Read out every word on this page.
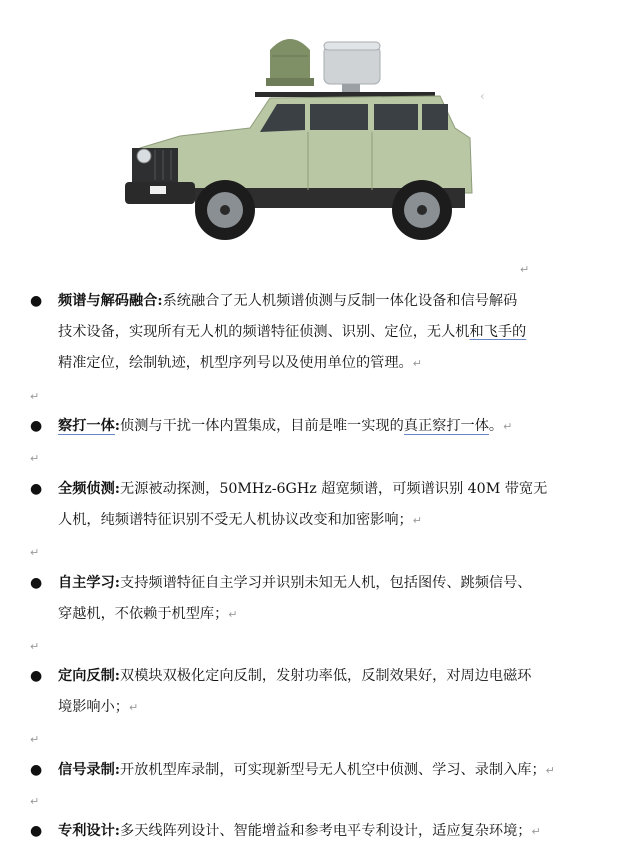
‹
↵
● 频谱与解码融合:系统融合了无人机频谱侦测与反制一体化设备和信号解码
技术设备，实现所有无人机的频谱特征侦测、识别、定位，无人机和飞手的
精准定位，绘制轨迹，机型序列号以及使用单位的管理。↵
↵
● 察打一体:侦测与干扰一体内置集成，目前是唯一实现的真正察打一体。↵
↵
● 全频侦测:无源被动探测，50MHz-6GHz 超宽频谱，可频谱识别 40M 带宽无
人机，纯频谱特征识别不受无人机协议改变和加密影响；↵
↵
● 自主学习:支持频谱特征自主学习并识别未知无人机，包括图传、跳频信号、
穿越机，不依赖于机型库；↵
↵
● 定向反制:双模块双极化定向反制，发射功率低，反制效果好，对周边电磁环
境影响小；↵
↵
● 信号录制:开放机型库录制，可实现新型号无人机空中侦测、学习、录制入库；↵
↵
● 专利设计:多天线阵列设计、智能增益和参考电平专利设计，适应复杂环境；↵
